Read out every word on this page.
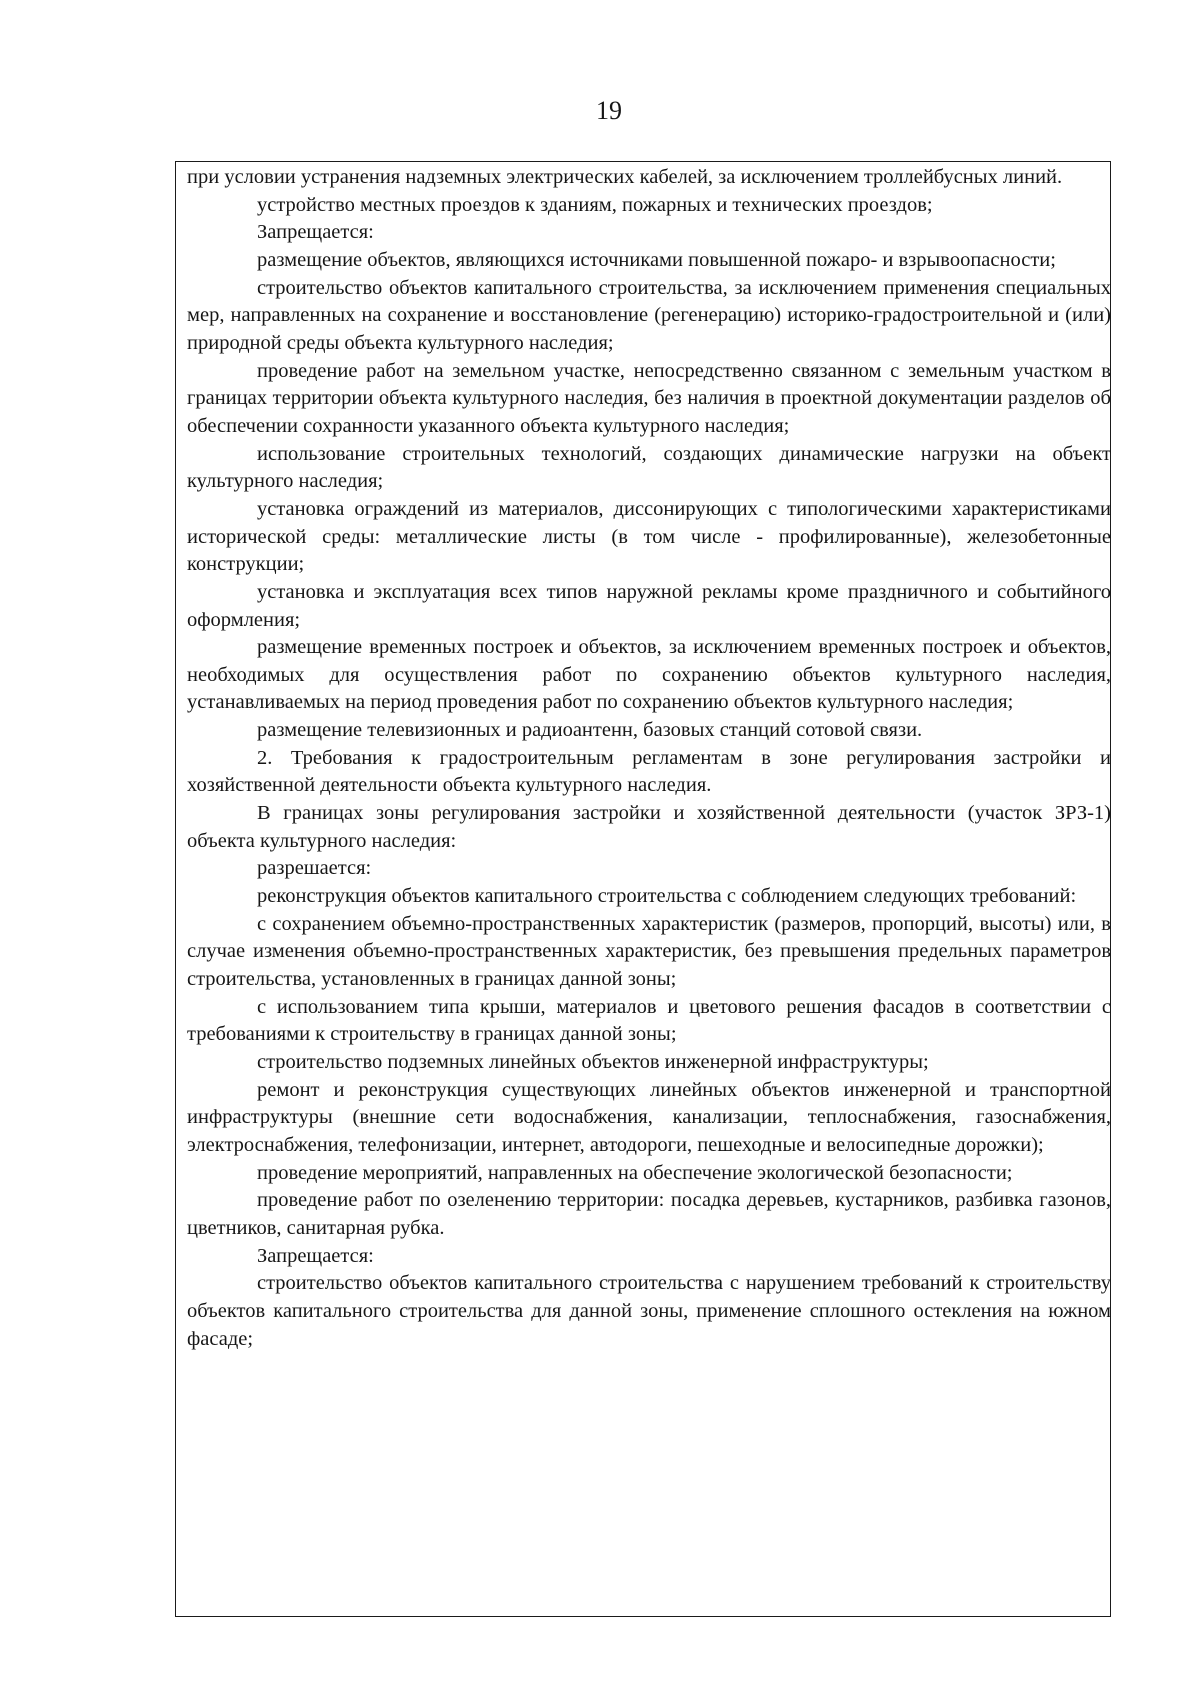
19

при условии устранения надземных электрических кабелей, за исключением троллейбусных линий.

устройство местных проездов к зданиям, пожарных и технических проездов;

Запрещается:

размещение объектов, являющихся источниками повышенной пожаро- и взрывоопасности;

строительство объектов капитального строительства, за исключением применения специальных мер, направленных на сохранение и восстановление (регенерацию) историко-градостроительной и (или) природной среды объекта культурного наследия;

проведение работ на земельном участке, непосредственно связанном с земельным участком в границах территории объекта культурного наследия, без наличия в проектной документации разделов об обеспечении сохранности указанного объекта культурного наследия;

использование строительных технологий, создающих динамические нагрузки на объект культурного наследия;

установка ограждений из материалов, диссонирующих с типологическими характеристиками исторической среды: металлические листы (в том числе - профилированные), железобетонные конструкции;

установка и эксплуатация всех типов наружной рекламы кроме праздничного и событийного оформления;

размещение временных построек и объектов, за исключением временных построек и объектов, необходимых для осуществления работ по сохранению объектов культурного наследия, устанавливаемых на период проведения работ по сохранению объектов культурного наследия;

размещение телевизионных и радиоантенн, базовых станций сотовой связи.

2. Требования к градостроительным регламентам в зоне регулирования застройки и хозяйственной деятельности объекта культурного наследия.

В границах зоны регулирования застройки и хозяйственной деятельности (участок ЗРЗ-1) объекта культурного наследия:

разрешается:

реконструкция объектов капитального строительства с соблюдением следующих требований:

с сохранением объемно-пространственных характеристик (размеров, пропорций, высоты) или, в случае изменения объемно-пространственных характеристик, без превышения предельных параметров строительства, установленных в границах данной зоны;

с использованием типа крыши, материалов и цветового решения фасадов в соответствии с требованиями к строительству в границах данной зоны;

строительство подземных линейных объектов инженерной инфраструктуры;

ремонт и реконструкция существующих линейных объектов инженерной и транспортной инфраструктуры (внешние сети водоснабжения, канализации, теплоснабжения, газоснабжения, электроснабжения, телефонизации, интернет, автодороги, пешеходные и велосипедные дорожки);

проведение мероприятий, направленных на обеспечение экологической безопасности;

проведение работ по озеленению территории: посадка деревьев, кустарников, разбивка газонов, цветников, санитарная рубка.

Запрещается:

строительство объектов капитального строительства с нарушением требований к строительству объектов капитального строительства для данной зоны, применение сплошного остекления на южном фасаде;
